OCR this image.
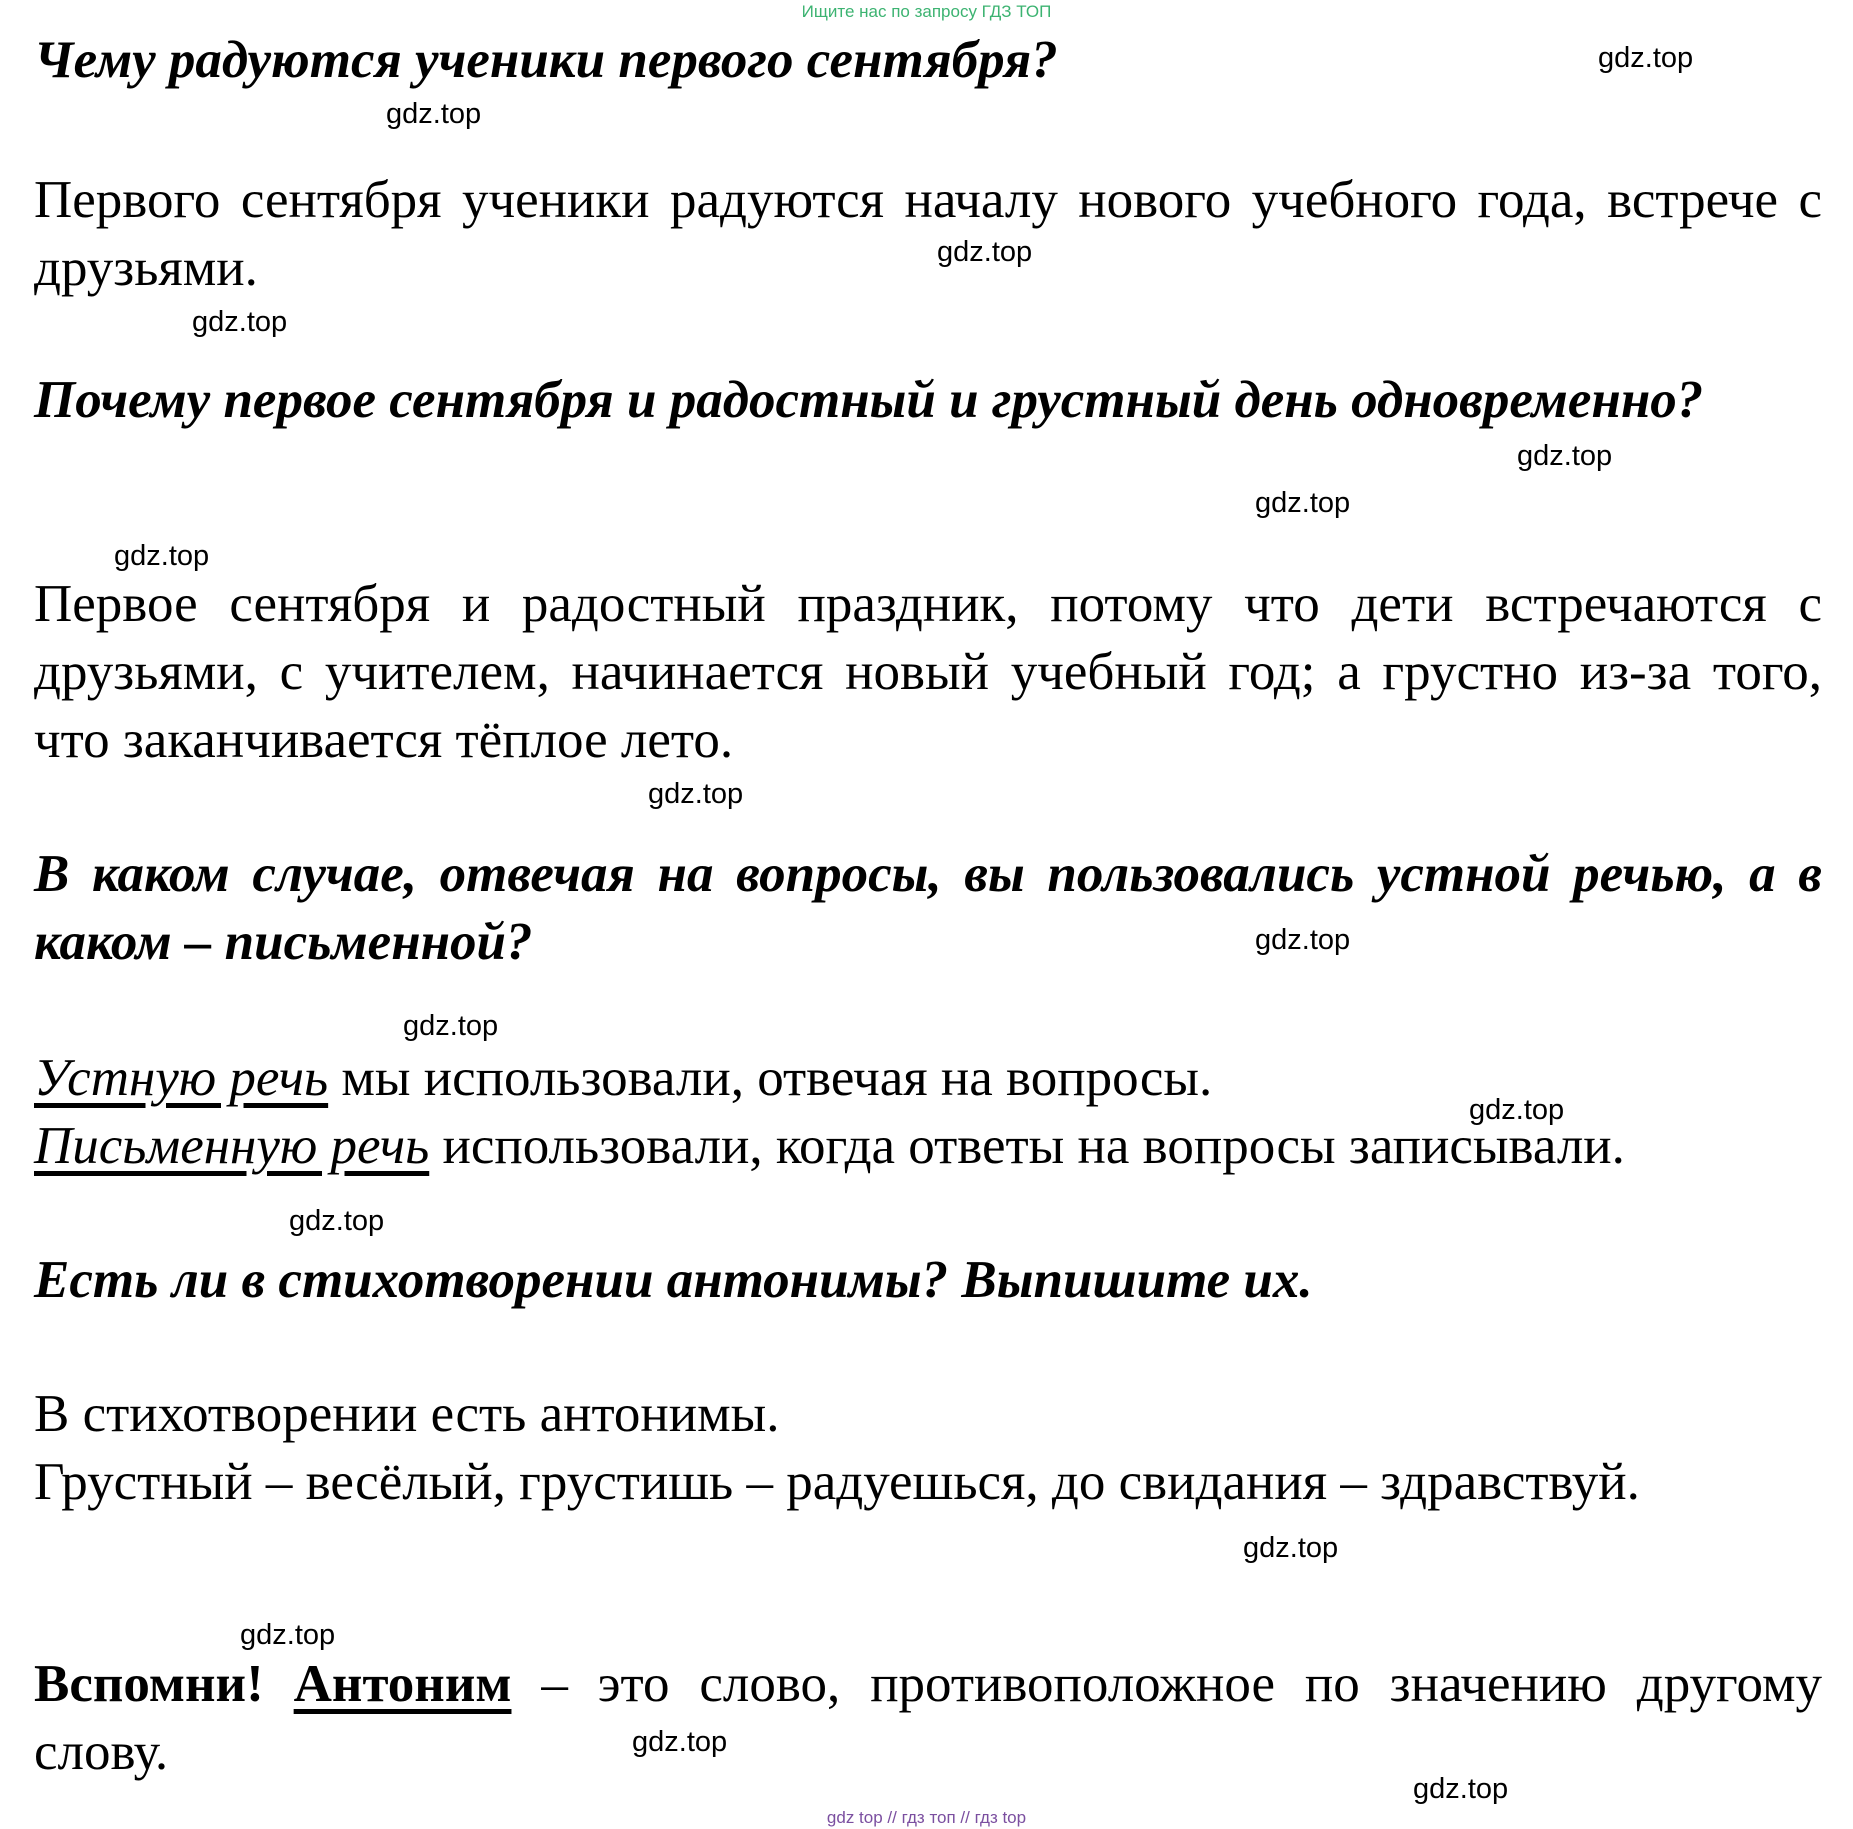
Ищите нас по запросу ГДЗ ТОП
Чему радуются ученики первого сентября?
Первого сентября ученики радуются началу нового учебного года, встрече с друзьями.
Почему первое сентября и радостный и грустный день одновременно?
Первое сентября и радостный праздник, потому что дети встречаются с друзьями, с учителем, начинается новый учебный год; а грустно из-за того, что заканчивается тёплое лето.
В каком случае, отвечая на вопросы, вы пользовались устной речью, а в каком – письменной?
Устную речь мы использовали, отвечая на вопросы.
Письменную речь использовали, когда ответы на вопросы записывали.
Есть ли в стихотворении антонимы? Выпишите их.
В стихотворении есть антонимы.
Грустный – весёлый, грустишь – радуешься, до свидания – здравствуй.
Вспомни! Антоним – это слово, противоположное по значению другому слову.
gdz.top
gdz.top
gdz.top
gdz.top
gdz.top
gdz.top
gdz.top
gdz.top
gdz.top
gdz.top
gdz.top
gdz.top
gdz.top
gdz.top
gdz.top
gdz.top
gdz top // гдз топ // гдз top
